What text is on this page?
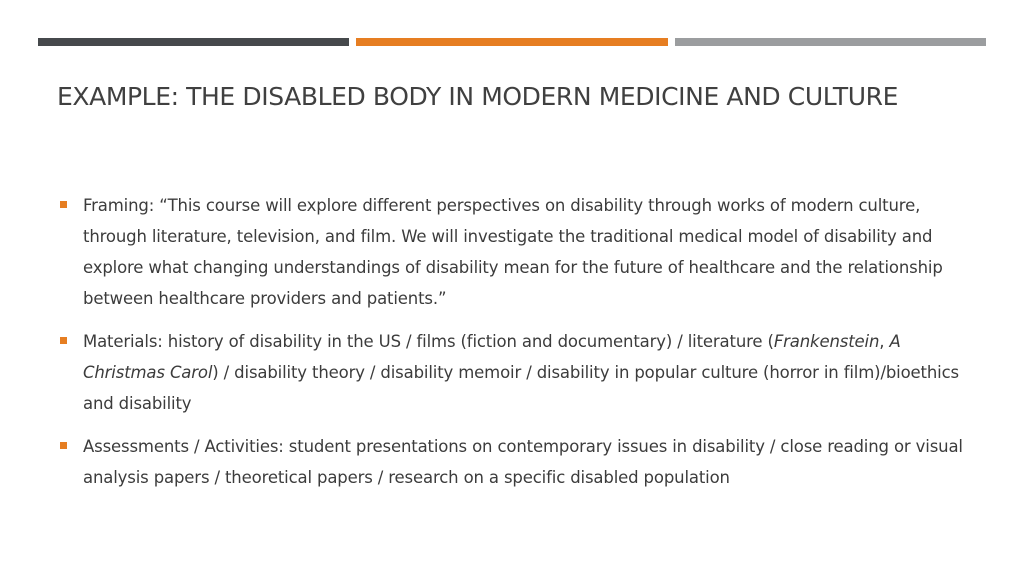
EXAMPLE: THE DISABLED BODY IN MODERN MEDICINE AND CULTURE
Framing: “This course will explore different perspectives on disability through works of modern culture, through literature, television, and film. We will investigate the traditional medical model of disability and explore what changing understandings of disability mean for the future of healthcare and the relationship between healthcare providers and patients.”
Materials: history of disability in the US / films (fiction and documentary) / literature (Frankenstein, A Christmas Carol) / disability theory / disability memoir / disability in popular culture (horror in film)/bioethics and disability
Assessments / Activities: student presentations on contemporary issues in disability / close reading or visual analysis papers / theoretical papers / research on a specific disabled population
